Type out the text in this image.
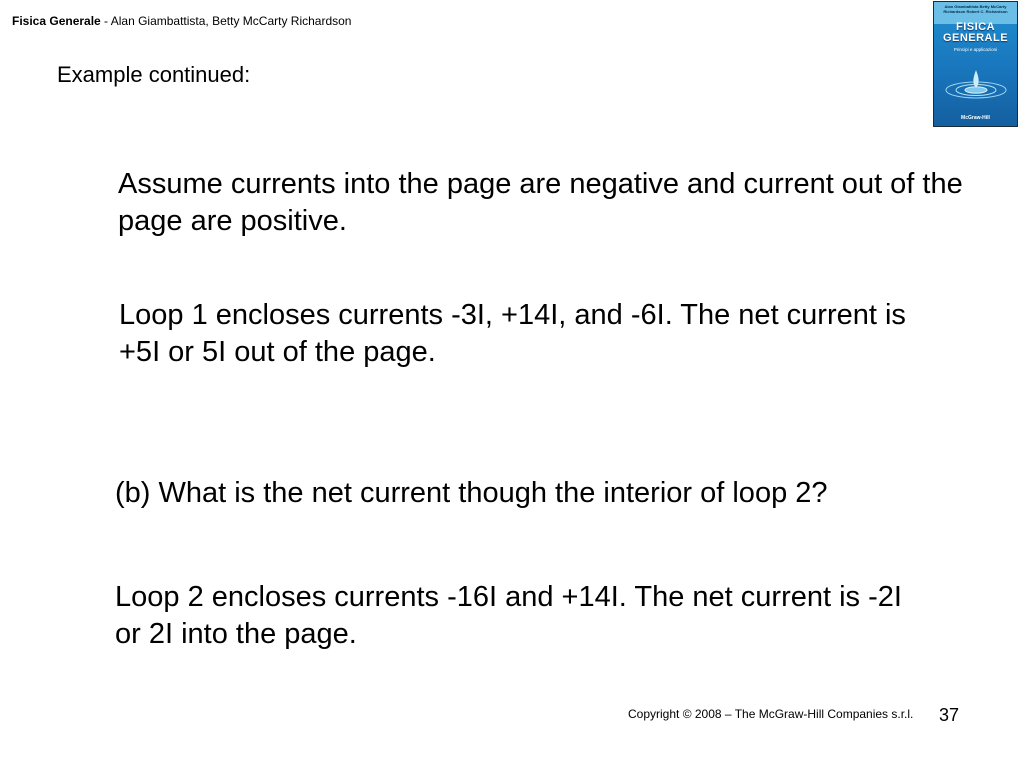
Fisica Generale - Alan Giambattista, Betty McCarty Richardson
Example continued:
Alan Giambattista Betty McCarty Richardson Robert C. Richardson
FISICA
GENERALE
Principi e applicazioni
McGraw-Hill
Assume currents into the page are negative and current out of the page are positive.
Loop 1 encloses currents -3I, +14I, and -6I. The net current is +5I or 5I out of the page.
(b) What is the net current though the interior of loop 2?
Loop 2 encloses currents -16I and +14I. The net current is -2I or 2I into the page.
Copyright © 2008 – The McGraw-Hill Companies s.r.l. 37
